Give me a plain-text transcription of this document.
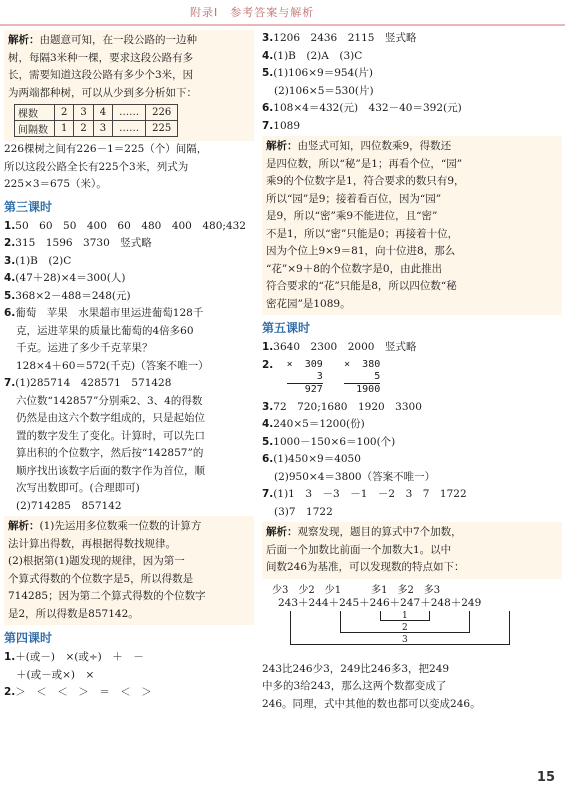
附录Ⅰ　参考答案与解析
解析：由题意可知，在一段公路的一边种
树，每隔3米种一棵，要求这段公路有多
长，需要知道这段公路有多少个3米，因
为两端都种树，可以从少到多分析如下：
棵数	2	3	4	……	226
间隔数	1	2	3	……	225
226棵树之间有226－1＝225（个）间隔，
所以这段公路全长有225个3米，列式为
225×3＝675（米）。
第三课时
1.50　60　50　400　60　480　400　480;432
2.315　1596　3730　竖式略
3.(1)B　(2)C
4.(47＋28)×4＝300(人)
5.368×2－488＝248(元)
6.葡萄　苹果　水果超市里运进葡萄128千
克，运进苹果的质量比葡萄的4倍多60
千克。运进了多少千克苹果？
128×4＋60＝572(千克)（答案不唯一）
7.(1)285714　428571　571428
六位数“142857”分别乘2、3、4的得数
仍然是由这六个数字组成的，只是起始位
置的数字发生了变化。计算时，可以先口
算出积的个位数字，然后按“142857”的
顺序找出该数字后面的数字作为首位，顺
次写出数即可。(合理即可)
(2)714285　857142
解析：(1)先运用多位数乘一位数的计算方
法计算出得数，再根据得数找规律。
(2)根据第(1)题发现的规律，因为第一
个算式得数的个位数字是5，所以得数是
714285；因为第二个算式得数的个位数字
是2，所以得数是857142。
第四课时
1.＋(或－)　×(或÷)　＋　－
＋(或－或×)　×
2.＞　＜　＜　＞　＝　＜　＞
3.1206　2436　2115　竖式略
4.(1)B　(2)A　(3)C
5.(1)106×9＝954(片)
(2)106×5＝530(片)
6.108×4＝432(元)　432－40＝392(元)
7.1089
解析：由竖式可知，四位数乘9，得数还
是四位数，所以“秘”是1；再看个位，“园”
乘9的个位数字是1，符合要求的数只有9，
所以“园”是9；接着看百位，因为“园”
是9，所以“密”乘9不能进位，且“密”
不是1，所以“密”只能是0；再接着十位，
因为个位上9×9＝81，向十位进8，那么
“花”×9＋8的个位数字是0，由此推出
符合要求的“花”只能是8，所以四位数“秘
密花园”是1089。
第五课时
1.3640　2300　2000　竖式略
2. ×  309
3
927

×  380
5
1900
3.72　720;1680　1920　3300
4.240×5＝1200(份)
5.1000－150×6＝100(个)
6.(1)450×9＝4050
(2)950×4＝3800（答案不唯一）
7.(1)1　3　－3　－1　－2　3　7　1722
(3)7　1722
解析：观察发现，题目的算式中7个加数，
后面一个加数比前面一个加数大1。以中
间数246为基准，可以发现数的特点如下：
少3　少2　少1　　　多1　多2　多3
243＋244＋245＋246＋247＋248＋249
1
2
3
243比246少3，249比246多3，把249
中多的3给243，那么这两个数都变成了
246。同理，式中其他的数也都可以变成246。
15
